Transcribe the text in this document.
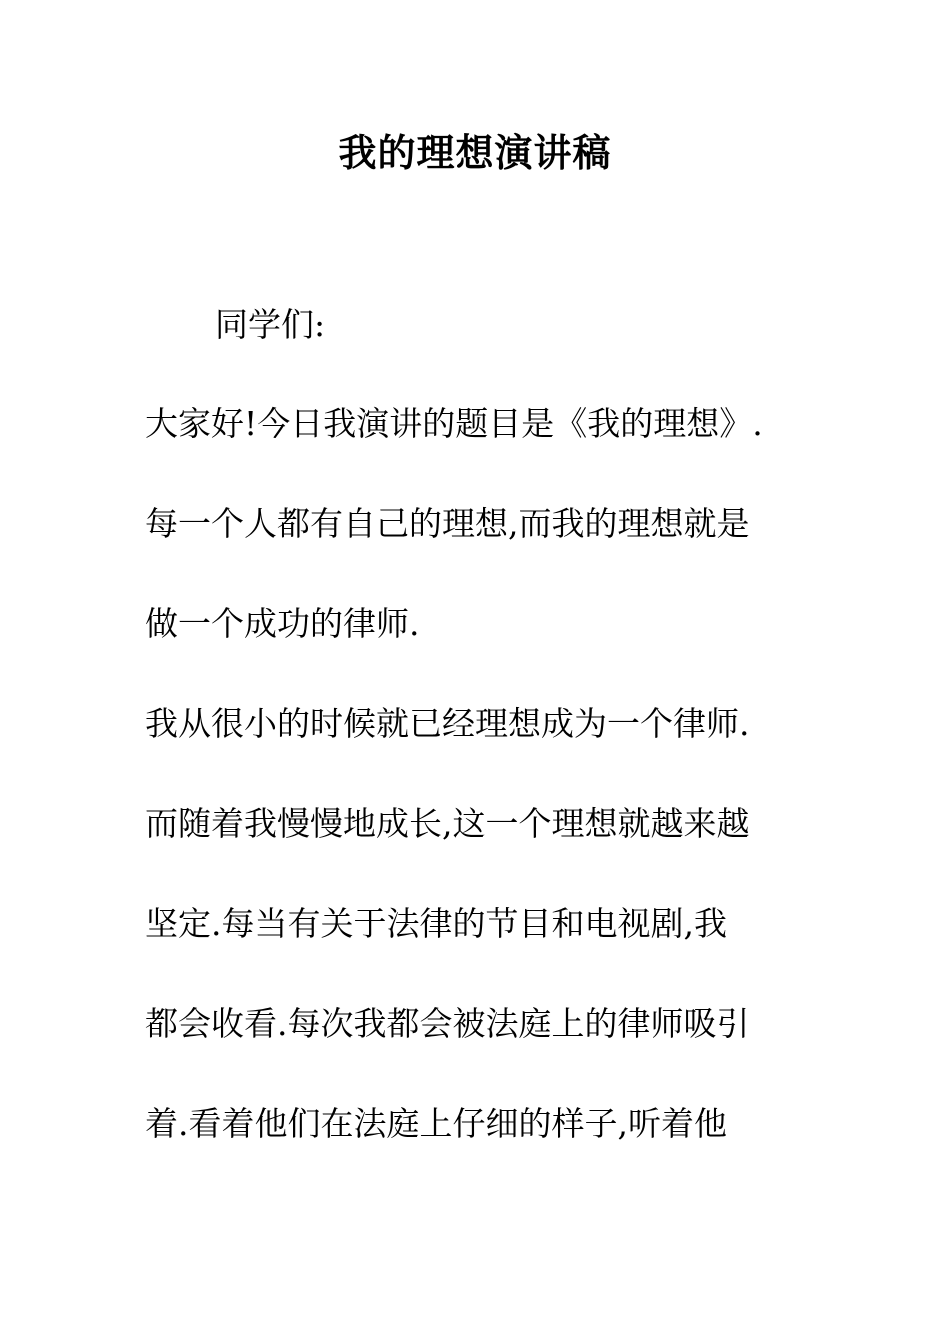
我的理想演讲稿
同学们:
大家好!今日我演讲的题目是《我的理想》.
每一个人都有自己的理想,而我的理想就是
做一个成功的律师.
我从很小的时候就已经理想成为一个律师.
而随着我慢慢地成长,这一个理想就越来越
坚定.每当有关于法律的节目和电视剧,我
都会收看.每次我都会被法庭上的律师吸引
着.看着他们在法庭上仔细的样子,听着他
